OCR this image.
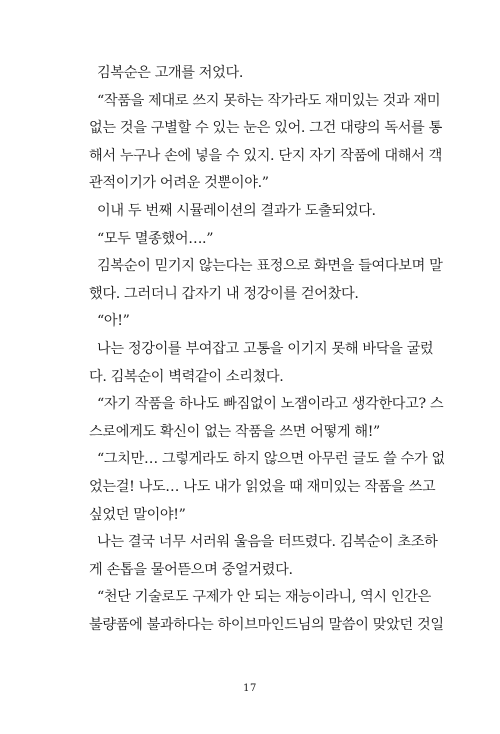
김복순은 고개를 저었다.
“작품을 제대로 쓰지 못하는 작가라도 재미있는 것과 재미
없는 것을 구별할 수 있는 눈은 있어. 그건 대량의 독서를 통
해서 누구나 손에 넣을 수 있지. 단지 자기 작품에 대해서 객
관적이기가 어려운 것뿐이야.”
이내 두 번째 시뮬레이션의 결과가 도출되었다.
“모두 멸종했어….”
김복순이 믿기지 않는다는 표정으로 화면을 들여다보며 말
했다. 그러더니 갑자기 내 정강이를 걷어찼다.
“아!”
나는 정강이를 부여잡고 고통을 이기지 못해 바닥을 굴렀
다. 김복순이 벽력같이 소리쳤다.
“자기 작품을 하나도 빠짐없이 노잼이라고 생각한다고? 스
스로에게도 확신이 없는 작품을 쓰면 어떻게 해!”
“그치만… 그렇게라도 하지 않으면 아무런 글도 쓸 수가 없
었는걸! 나도… 나도 내가 읽었을 때 재미있는 작품을 쓰고
싶었던 말이야!”
나는 결국 너무 서러워 울음을 터뜨렸다. 김복순이 초조하
게 손톱을 물어뜯으며 중얼거렸다.
“천단 기술로도 구제가 안 되는 재능이라니, 역시 인간은
불량품에 불과하다는 하이브마인드님의 말씀이 맞았던 것일
17
